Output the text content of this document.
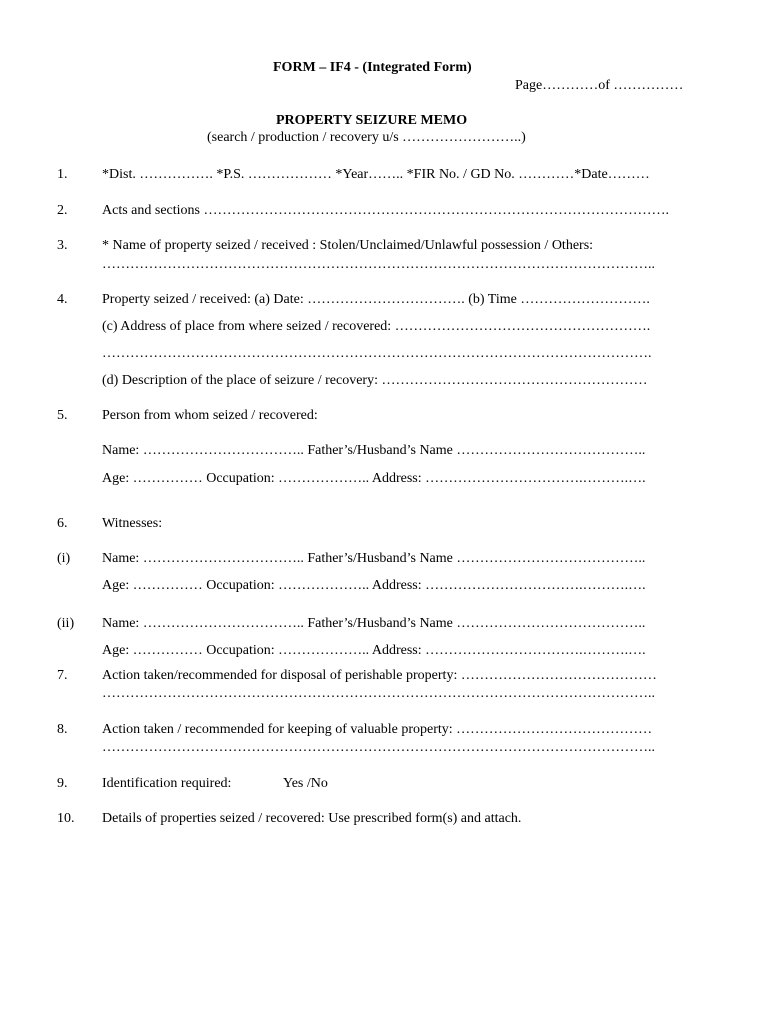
FORM – IF4 - (Integrated Form)
Page…………of ……………
PROPERTY SEIZURE MEMO
(search / production / recovery u/s ……………………..)
1. *Dist. ……………. *P.S. ……………… *Year…….. *FIR No. / GD No. …………*Date………
2. Acts and sections ……………………………………………………………………………………….
3. * Name of property seized / received : Stolen/Unclaimed/Unlawful possession / Others:
………………………………………………………………………………………………………..
4. Property seized / received: (a) Date: ……………………………. (b) Time ……………………….
(c) Address of place from where seized / recovered: ……………………………………………….
……………………………………………………………………………………………………….
(d) Description of the place of seizure / recovery: …………………………………………………
5. Person from whom seized / recovered:
Name: …………………………….. Father’s/Husband’s Name …………………………………..
Age: …………… Occupation: ……………….. Address: …………………………….……….….
6. Witnesses:
(i) Name: …………………………….. Father’s/Husband’s Name …………………………………..
Age: …………… Occupation: ……………….. Address: …………………………….……….….
(ii) Name: …………………………….. Father’s/Husband’s Name …………………………………..
Age: …………… Occupation: ……………….. Address: …………………………….……….….
7. Action taken/recommended for disposal of perishable property: ……………………………………
………………………………………………………………………………………………………..
8. Action taken / recommended for keeping of valuable property: ……………………………………
………………………………………………………………………………………………………..
9. Identification required:	Yes /No
10. Details of properties seized / recovered: Use prescribed form(s) and attach.
